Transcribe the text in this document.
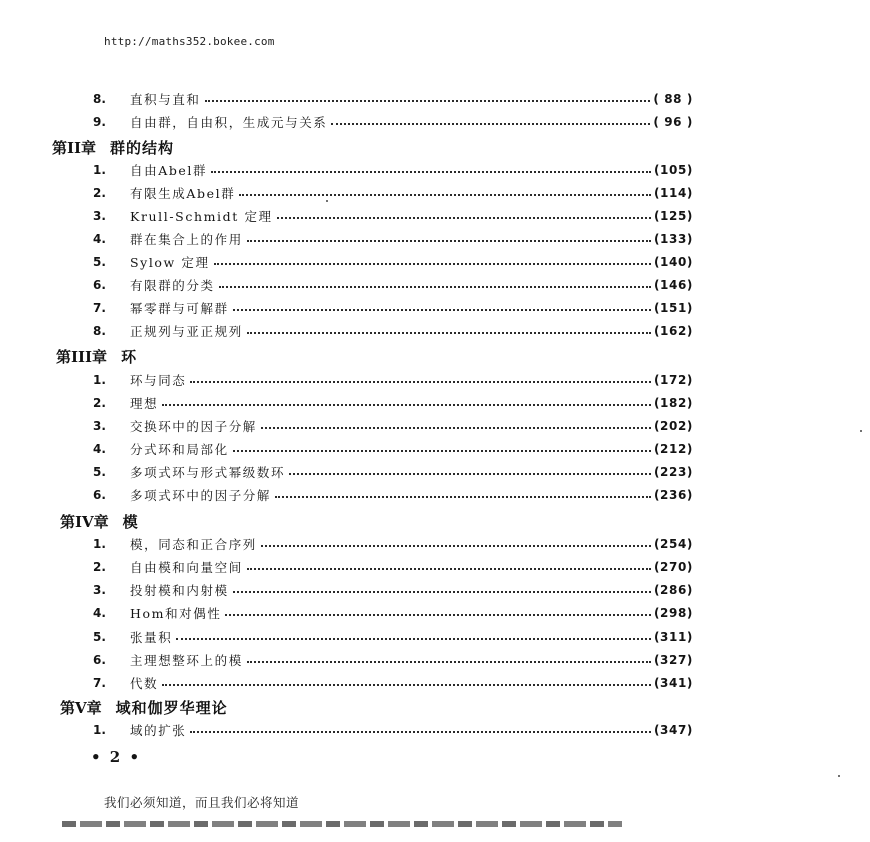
http://maths352.bokee.com
8.	直积与直和	( 88 )
9.	自由群，自由积，生成元与关系	( 96 )
第II章 群的结构
1.	自由Abel群	(105)
2.	有限生成Abel群	(114)
3.	Krull-Schmidt 定理	(125)
4.	群在集合上的作用	(133)
5.	Sylow 定理	(140)
6.	有限群的分类	(146)
7.	幂零群与可解群	(151)
8.	正规列与亚正规列	(162)
第III章 环
1.	环与同态	(172)
2.	理想	(182)
3.	交换环中的因子分解	(202)
4.	分式环和局部化	(212)
5.	多项式环与形式幂级数环	(223)
6.	多项式环中的因子分解	(236)
第IV章 模
1.	模，同态和正合序列	(254)
2.	自由模和向量空间	(270)
3.	投射模和内射模	(286)
4.	Hom和对偶性	(298)
5.	张量积	(311)
6.	主理想整环上的模	(327)
7.	代数	(341)
第V章 域和伽罗华理论
1.	域的扩张	(347)
• 2 •
我们必须知道，而且我们必将知道
